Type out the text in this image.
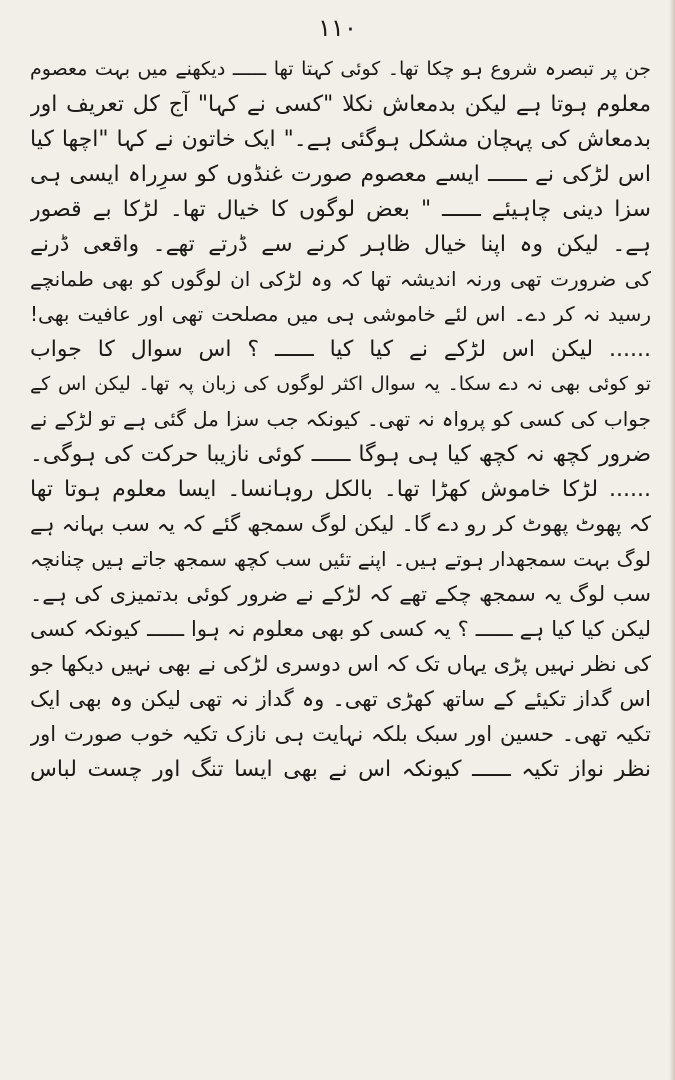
۱۱۰
جن پر تبصرہ شروع ہو چکا تھا۔ کوئی کہتا تھا ــــــ دیکھنے میں بہت معصوم
معلوم ہوتا ہے لیکن بدمعاش نکلا "کسی نے کہا" آج کل تعریف اور
بدمعاش کی پہچان مشکل ہوگئی ہے۔" ایک خاتون نے کہا "اچھا کیا
اس لڑکی نے ــــــ ایسے معصوم صورت غنڈوں کو سرِراہ ایسی ہی
سزا دینی چاہیئے ــــــ " بعض لوگوں کا خیال تھا۔ لڑکا بے قصور
ہے۔ لیکن وہ اپنا خیال ظاہر کرنے سے ڈرتے تھے۔ واقعی ڈرنے
کی ضرورت تھی ورنہ اندیشہ تھا کہ وہ لڑکی ان لوگوں کو بھی طمانچے
رسید نہ کر دے۔ اس لئے خاموشی ہی میں مصلحت تھی اور عافیت بھی!
...... لیکن اس لڑکے نے کیا کیا ــــــ ؟ اس سوال کا جواب
تو کوئی بھی نہ دے سکا۔ یہ سوال اکثر لوگوں کی زبان پہ تھا۔ لیکن اس کے
جواب کی کسی کو پرواہ نہ تھی۔ کیونکہ جب سزا مل گئی ہے تو لڑکے نے
ضرور کچھ نہ کچھ کیا ہی ہوگا ــــــ کوئی نازیبا حرکت کی ہوگی۔
...... لڑکا خاموش کھڑا تھا۔ بالکل روہانسا۔ ایسا معلوم ہوتا تھا
کہ پھوٹ پھوٹ کر رو دے گا۔ لیکن لوگ سمجھ گئے کہ یہ سب بہانہ ہے
لوگ بہت سمجھدار ہوتے ہیں۔ اپنے تئیں سب کچھ سمجھ جاتے ہیں چنانچہ
سب لوگ یہ سمجھ چکے تھے کہ لڑکے نے ضرور کوئی بدتمیزی کی ہے۔
لیکن کیا کیا ہے ــــــ ؟ یہ کسی کو بھی معلوم نہ ہوا ــــــ کیونکہ کسی
کی نظر نہیں پڑی یہاں تک کہ اس دوسری لڑکی نے بھی نہیں دیکھا جو
اس گداز تکیئے کے ساتھ کھڑی تھی۔ وہ گداز نہ تھی لیکن وہ بھی ایک
تکیہ تھی۔ حسین اور سبک بلکہ نہایت ہی نازک تکیہ خوب صورت اور
نظر نواز تکیہ ــــــ کیونکہ اس نے بھی ایسا تنگ اور چست لباس
